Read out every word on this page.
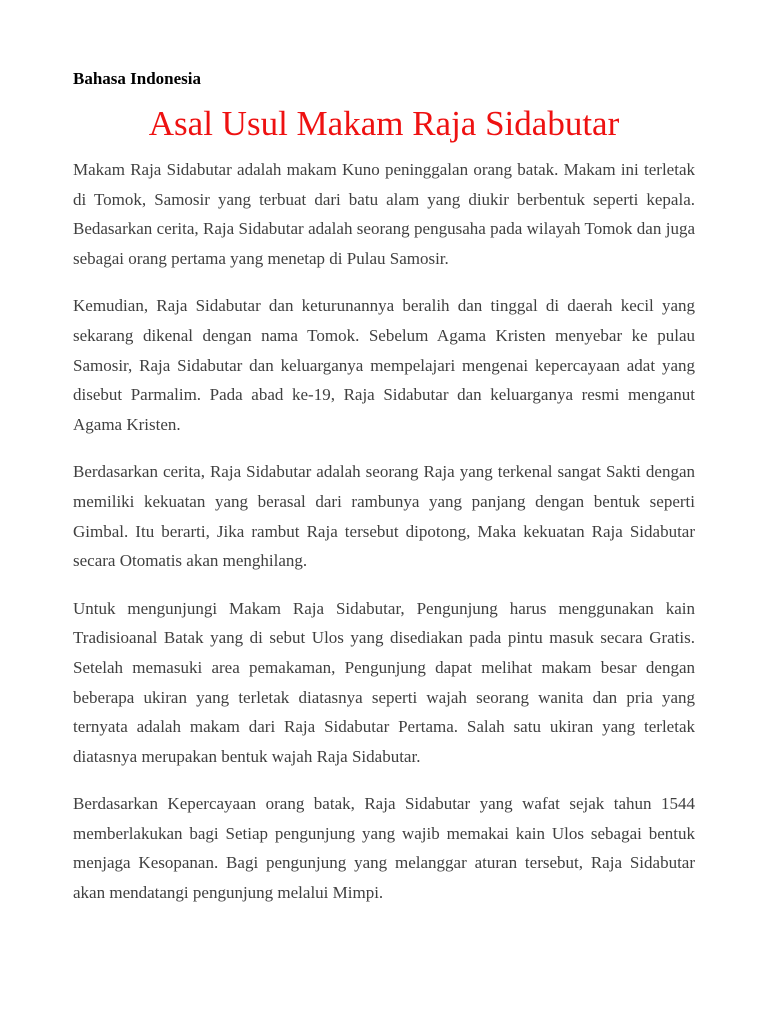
Bahasa Indonesia
Asal Usul Makam Raja Sidabutar

Makam Raja Sidabutar adalah makam Kuno peninggalan orang batak. Makam ini terletak di Tomok, Samosir yang terbuat dari batu alam yang diukir berbentuk seperti kepala. Bedasarkan cerita, Raja Sidabutar adalah seorang pengusaha pada wilayah Tomok dan juga sebagai orang pertama yang menetap di Pulau Samosir.

Kemudian, Raja Sidabutar dan keturunannya beralih dan tinggal di daerah kecil yang sekarang dikenal dengan nama Tomok. Sebelum Agama Kristen menyebar ke pulau Samosir, Raja Sidabutar dan keluarganya mempelajari mengenai kepercayaan adat yang disebut Parmalim. Pada abad ke-19, Raja Sidabutar dan keluarganya resmi menganut Agama Kristen.

Berdasarkan cerita, Raja Sidabutar adalah seorang Raja yang terkenal sangat Sakti dengan memiliki kekuatan yang berasal dari rambunya yang panjang dengan bentuk seperti Gimbal. Itu berarti, Jika rambut Raja tersebut dipotong, Maka kekuatan Raja Sidabutar secara Otomatis akan menghilang.

Untuk mengunjungi Makam Raja Sidabutar, Pengunjung harus menggunakan kain Tradisioanal Batak yang di sebut Ulos yang disediakan pada pintu masuk secara Gratis. Setelah memasuki area pemakaman, Pengunjung dapat melihat makam besar dengan beberapa ukiran yang terletak diatasnya seperti wajah seorang wanita dan pria yang ternyata adalah makam dari Raja Sidabutar Pertama. Salah satu ukiran yang terletak diatasnya merupakan bentuk wajah Raja Sidabutar.

Berdasarkan Kepercayaan orang batak, Raja Sidabutar yang wafat sejak tahun 1544 memberlakukan bagi Setiap pengunjung yang wajib memakai kain Ulos sebagai bentuk menjaga Kesopanan. Bagi pengunjung yang melanggar aturan tersebut, Raja Sidabutar akan mendatangi pengunjung melalui Mimpi.
